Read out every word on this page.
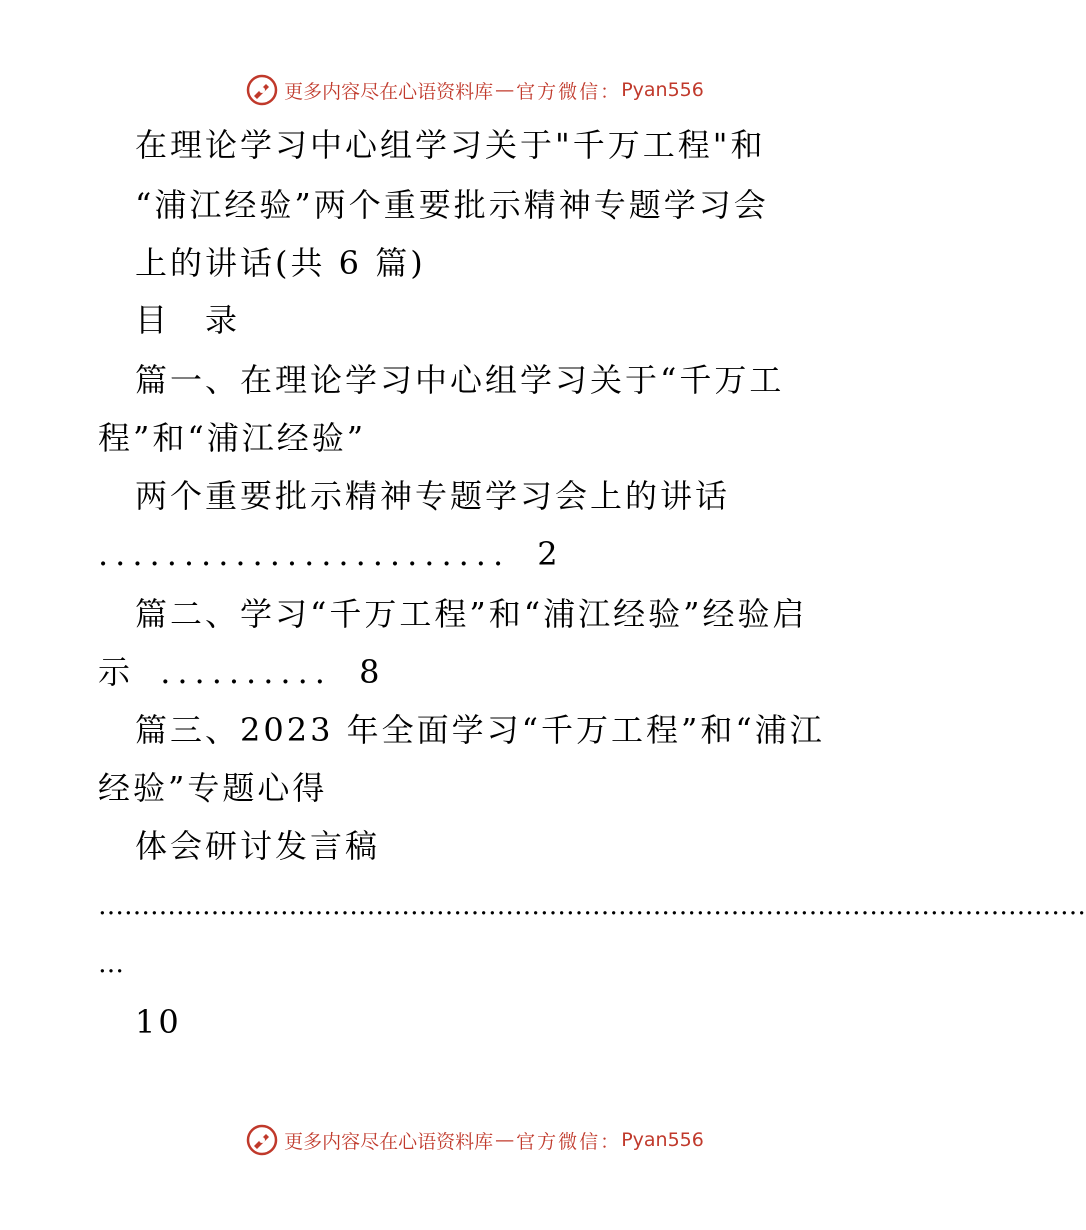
更多内容尽在心语资料库 — 官方微信： Pyan556
在理论学习中心组学习关于"千万工程"和
“浦江经验”两个重要批示精神专题学习会
上的讲话(共 6 篇)
目　录
篇一、在理论学习中心组学习关于“千万工
程”和“浦江经验”
两个重要批示精神专题学习会上的讲话
........................ 2
篇二、学习“千万工程”和“浦江经验”经验启
示 .......... 8
篇三、2023 年全面学习“千万工程”和“浦江
经验”专题心得
体会研讨发言稿
……………………………………………………………………………………………………
…
10
更多内容尽在心语资料库 — 官方微信： Pyan556
